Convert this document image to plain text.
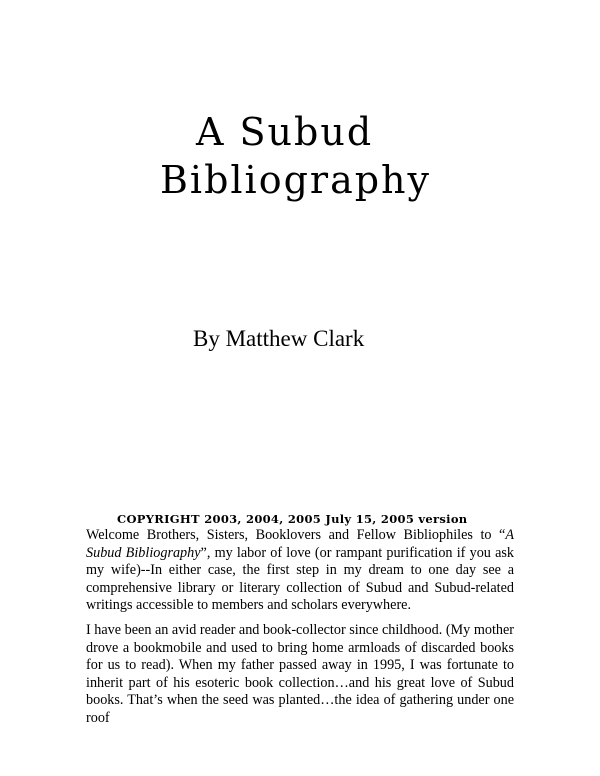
A Subud
Bibliography
By Matthew Clark
COPYRIGHT 2003, 2004, 2005 July 15, 2005 version

Welcome Brothers, Sisters, Booklovers and Fellow Bibliophiles to “A Subud Bibliography”, my labor of love (or rampant purification if you ask my wife)--In either case, the first step in my dream to one day see a comprehensive library or literary collection of Subud and Subud-related writings accessible to members and scholars everywhere.

I have been an avid reader and book-collector since childhood. (My mother drove a bookmobile and used to bring home armloads of discarded books for us to read). When my father passed away in 1995, I was fortunate to inherit part of his esoteric book collection…and his great love of Subud books. That’s when the seed was planted…the idea of gathering under one roof
